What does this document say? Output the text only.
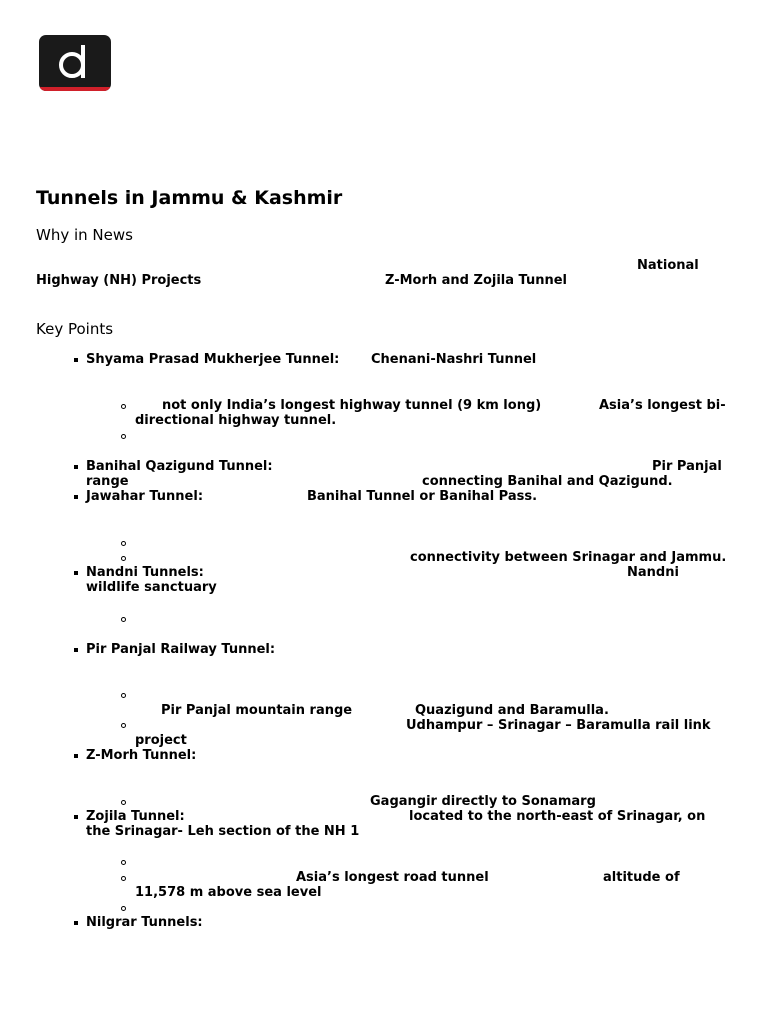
Tunnels in Jammu & Kashmir
Why in News
National
Highway (NH) Projects	Z-Morh and Zojila Tunnel
Key Points
Shyama Prasad Mukherjee Tunnel: Chenani-Nashri Tunnel
not only India’s longest highway tunnel (9 km long)	Asia’s longest bi-
directional highway tunnel.
Banihal Qazigund Tunnel:	Pir Panjal
range	connecting Banihal and Qazigund.
Jawahar Tunnel:	Banihal Tunnel or Banihal Pass.
connectivity between Srinagar and Jammu.
Nandni Tunnels:	Nandni
wildlife sanctuary
Pir Panjal Railway Tunnel:
Pir Panjal mountain range	Quazigund and Baramulla.
Udhampur – Srinagar – Baramulla rail link
project
Z-Morh Tunnel:
Gagangir directly to Sonamarg
Zojila Tunnel:	located to the north-east of Srinagar, on
the Srinagar- Leh section of the NH 1
Asia’s longest road tunnel	altitude of
11,578 m above sea level
Nilgrar Tunnels:
